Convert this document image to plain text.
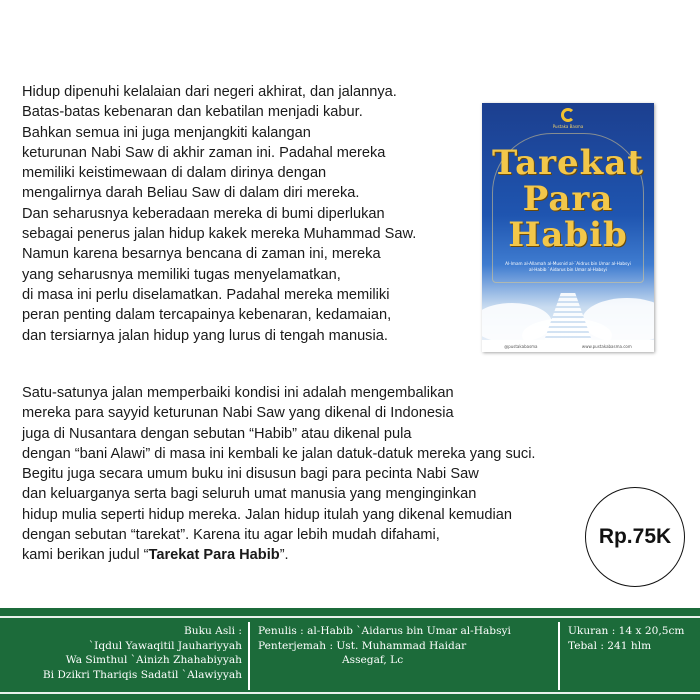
Hidup dipenuhi kelalaian dari negeri akhirat, dan jalannya.
Batas-batas kebenaran dan kebatilan menjadi kabur.
Bahkan semua ini juga menjangkiti kalangan
keturunan Nabi Saw di akhir zaman ini. Padahal mereka
memiliki keistimewaan di dalam dirinya dengan
mengalirnya darah Beliau Saw di dalam diri mereka.
Dan seharusnya keberadaan mereka di bumi diperlukan
sebagai penerus jalan hidup kakek mereka Muhammad Saw.
Namun karena besarnya bencana di zaman ini, mereka
yang seharusnya memiliki tugas menyelamatkan,
di masa ini perlu diselamatkan. Padahal mereka memiliki
peran penting dalam tercapainya kebenaran, kedamaian,
dan tersiarnya jalan hidup yang lurus di tengah manusia.
Satu-satunya jalan memperbaiki kondisi ini adalah mengembalikan
mereka para sayyid keturunan Nabi Saw yang dikenal di Indonesia
juga di Nusantara dengan sebutan “Habib” atau dikenal pula
dengan “bani Alawi” di masa ini kembali ke jalan datuk-datuk mereka yang suci.
Begitu juga secara umum buku ini disusun bagi para pecinta Nabi Saw
dan keluarganya serta bagi seluruh umat manusia yang menginginkan
hidup mulia seperti hidup mereka. Jalan hidup itulah yang dikenal kemudian
dengan sebutan “tarekat”. Karena itu agar lebih mudah difahami,
kami berikan judul “Tarekat Para Habib”.
Pustaka Basma
Tarekat
Para
Habib
Al-Imam al-Allamah al-Musnid al-`Aidrus bin Umar al-Habsyi
al-Habib `Aidarus bin Umar al-Habsyi
@pustakabasma	www.pustakabasma.com
Rp.75K
Buku Asli :
`Iqdul Yawaqitil Jauhariyyah
Wa Simthul `Ainizh Zhahabiyyah
Bi Dzikri Thariqis Sadatil `Alawiyyah
Penulis : al-Habib `Aidarus bin Umar al-Habsyi
Penterjemah : Ust. Muhammad Haidar
Assegaf, Lc
Ukuran : 14 x 20,5cm
Tebal : 241 hlm
